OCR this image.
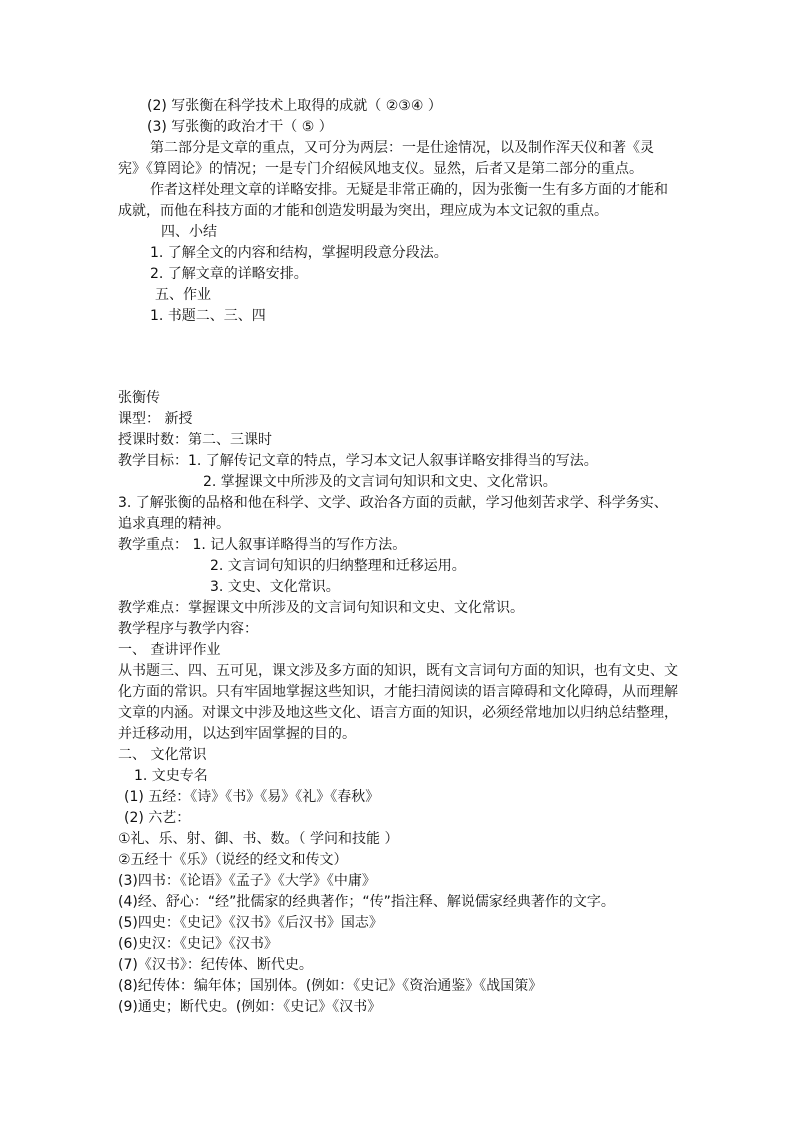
(2) 写张衡在科学技术上取得的成就（ ②③④ ）
(3) 写张衡的政治才干（ ⑤ ）
第二部分是文章的重点，又可分为两层：一是仕途情况，以及制作浑天仪和著《灵
宪》《算罔论》的情况；一是专门介绍候风地支仪。显然，后者又是第二部分的重点。
作者这样处理文章的详略安排。无疑是非常正确的，因为张衡一生有多方面的才能和
成就，而他在科技方面的才能和创造发明最为突出，理应成为本文记叙的重点。
四、小结
1. 了解全文的内容和结构，掌握明段意分段法。
2. 了解文章的详略安排。
五、作业
1. 书题二、三、四
张衡传
课型： 新授
授课时数：第二、三课时
教学目标：1. 了解传记文章的特点，学习本文记人叙事详略安排得当的写法。
2. 掌握课文中所涉及的文言词句知识和文史、文化常识。
3. 了解张衡的品格和他在科学、文学、政治各方面的贡献，学习他刻苦求学、科学务实、
追求真理的精神。
教学重点： 1. 记人叙事详略得当的写作方法。
2. 文言词句知识的归纳整理和迁移运用。
3. 文史、文化常识。
教学难点：掌握课文中所涉及的文言词句知识和文史、文化常识。
教学程序与教学内容：
一、 查讲评作业
从书题三、四、五可见，课文涉及多方面的知识，既有文言词句方面的知识，也有文史、文
化方面的常识。只有牢固地掌握这些知识，才能扫清阅读的语言障碍和文化障碍，从而理解
文章的内涵。对课文中涉及地这些文化、语言方面的知识，必须经常地加以归纳总结整理，
并迁移动用，以达到牢固掌握的目的。
二、 文化常识
1. 文史专名
(1) 五经：《诗》《书》《易》《礼》《春秋》
(2) 六艺：
①礼、乐、射、御、书、数。（ 学问和技能 ）
②五经十《乐》（说经的经文和传文）
(3)四书：《论语》《孟子》《大学》《中庸》
(4)经、舒心：“经”批儒家的经典著作；“传”指注释、解说儒家经典著作的文字。
(5)四史：《史记》《汉书》《后汉书》国志》
(6)史汉：《史记》《汉书》
(7)《汉书》：纪传体、断代史。
(8)纪传体：编年体；国别体。(例如：《史记》《资治通鉴》《战国策》
(9)通史；断代史。(例如：《史记》《汉书》
